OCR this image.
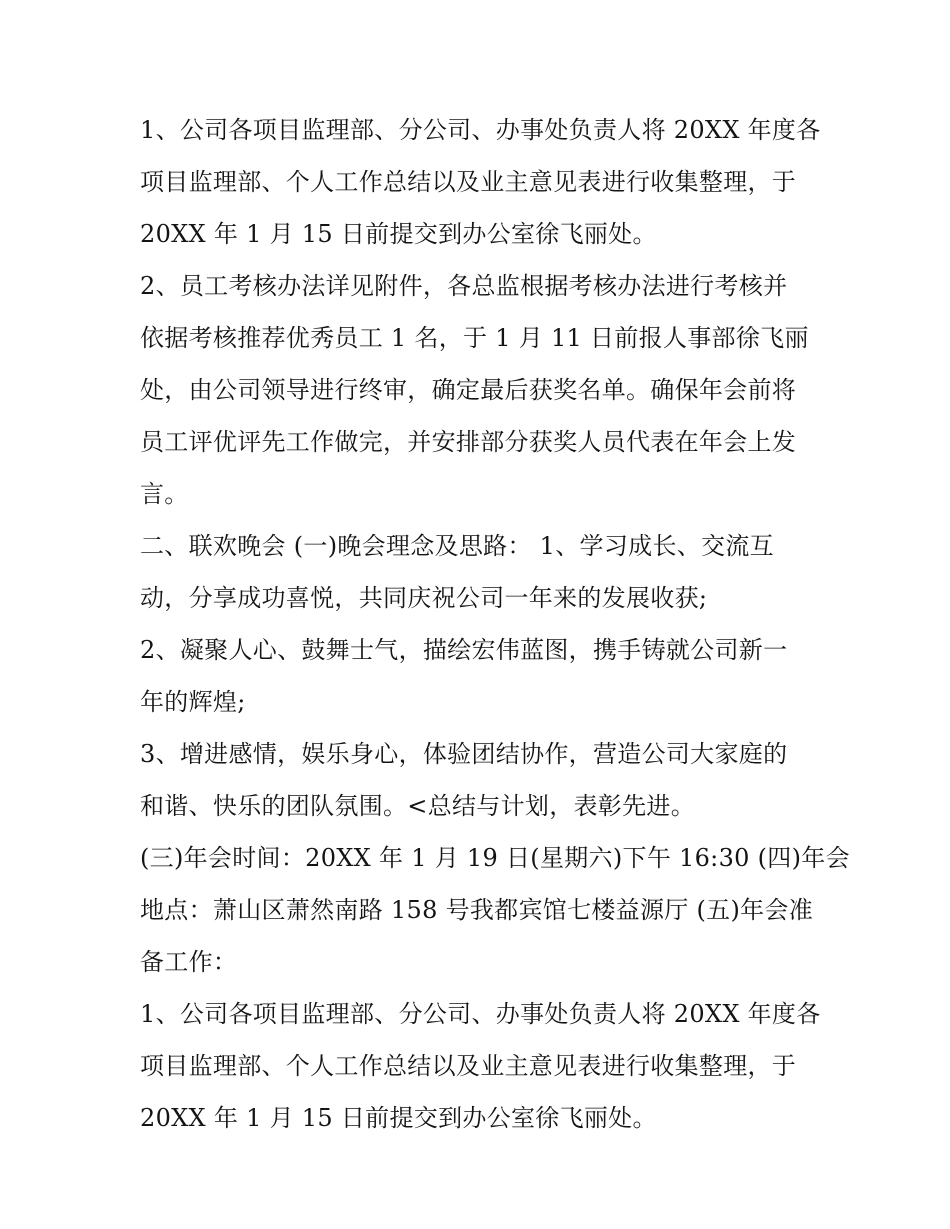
1、公司各项目监理部、分公司、办事处负责人将 20XX 年度各
项目监理部、个人工作总结以及业主意见表进行收集整理，于
20XX 年 1 月 15 日前提交到办公室徐飞丽处。
2、员工考核办法详见附件，各总监根据考核办法进行考核并
依据考核推荐优秀员工 1 名，于 1 月 11 日前报人事部徐飞丽
处，由公司领导进行终审，确定最后获奖名单。确保年会前将
员工评优评先工作做完，并安排部分获奖人员代表在年会上发
言。
二、联欢晚会 (一)晚会理念及思路： 1、学习成长、交流互
动，分享成功喜悦，共同庆祝公司一年来的发展收获;
2、凝聚人心、鼓舞士气，描绘宏伟蓝图，携手铸就公司新一
年的辉煌;
3、增进感情，娱乐身心，体验团结协作，营造公司大家庭的
和谐、快乐的团队氛围。<总结与计划，表彰先进。
(三)年会时间：20XX 年 1 月 19 日(星期六)下午 16:30 (四)年会
地点：萧山区萧然南路 158 号我都宾馆七楼益源厅 (五)年会准
备工作：
1、公司各项目监理部、分公司、办事处负责人将 20XX 年度各
项目监理部、个人工作总结以及业主意见表进行收集整理，于
20XX 年 1 月 15 日前提交到办公室徐飞丽处。
